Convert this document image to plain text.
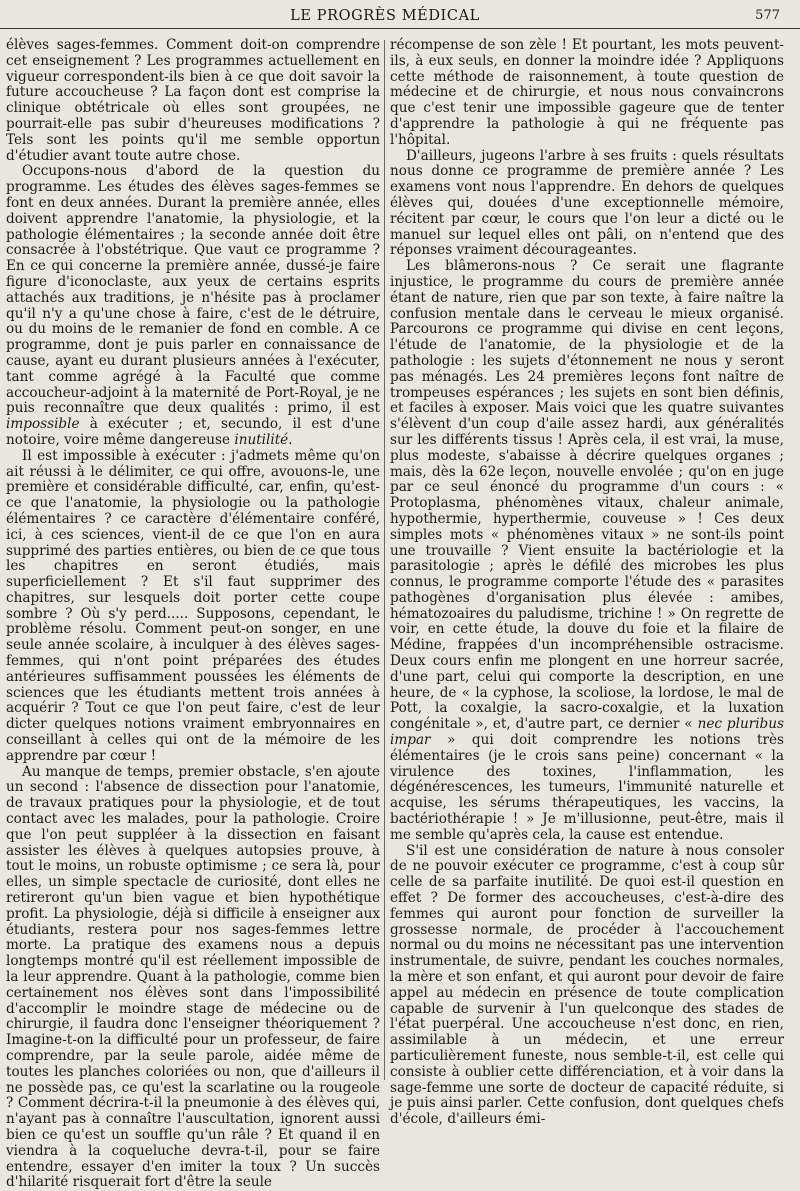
LE PROGRÈS MÉDICAL	577

élèves sages-femmes. Comment doit-on comprendre cet enseignement ? Les programmes actuellement en vigueur correspondent-ils bien à ce que doit savoir la future accoucheuse ? La façon dont est comprise la clinique obtétricale où elles sont groupées, ne pourrait-elle pas subir d'heureuses modifications ? Tels sont les points qu'il me semble opportun d'étudier avant toute autre chose.

Occupons-nous d'abord de la question du programme. Les études des élèves sages-femmes se font en deux années. Durant la première année, elles doivent apprendre l'anatomie, la physiologie, et la pathologie élémentaires ; la seconde année doit être consacrée à l'obstétrique. Que vaut ce programme ? En ce qui concerne la première année, dussé-je faire figure d'iconoclaste, aux yeux de certains esprits attachés aux traditions, je n'hésite pas à proclamer qu'il n'y a qu'une chose à faire, c'est de le détruire, ou du moins de le remanier de fond en comble. A ce programme, dont je puis parler en connaissance de cause, ayant eu durant plusieurs années à l'exécuter, tant comme agrégé à la Faculté que comme accoucheur-adjoint à la maternité de Port-Royal, je ne puis reconnaître que deux qualités : primo, il est impossible à exécuter ; et, secundo, il est d'une notoire, voire même dangereuse inutilité.

Il est impossible à exécuter : j'admets même qu'on ait réussi à le délimiter, ce qui offre, avouons-le, une première et considérable difficulté, car, enfin, qu'est-ce que l'anatomie, la physiologie ou la pathologie élémentaires ? ce caractère d'élémentaire conféré, ici, à ces sciences, vient-il de ce que l'on en aura supprimé des parties entières, ou bien de ce que tous les chapitres en seront étudiés, mais superficiellement ? Et s'il faut supprimer des chapitres, sur lesquels doit porter cette coupe sombre ? Où s'y perd..... Supposons, cependant, le problème résolu. Comment peut-on songer, en une seule année scolaire, à inculquer à des élèves sages-femmes, qui n'ont point préparées des études antérieures suffisamment poussées les éléments de sciences que les étudiants mettent trois années à acquérir ? Tout ce que l'on peut faire, c'est de leur dicter quelques notions vraiment embryonnaires en conseillant à celles qui ont de la mémoire de les apprendre par cœur !

Au manque de temps, premier obstacle, s'en ajoute un second : l'absence de dissection pour l'anatomie, de travaux pratiques pour la physiologie, et de tout contact avec les malades, pour la pathologie. Croire que l'on peut suppléer à la dissection en faisant assister les élèves à quelques autopsies prouve, à tout le moins, un robuste optimisme ; ce sera là, pour elles, un simple spectacle de curiosité, dont elles ne retireront qu'un bien vague et bien hypothétique profit. La physiologie, déjà si difficile à enseigner aux étudiants, restera pour nos sages-femmes lettre morte. La pratique des examens nous a depuis longtemps montré qu'il est réellement impossible de la leur apprendre. Quant à la pathologie, comme bien certainement nos élèves sont dans l'impossibilité d'accomplir le moindre stage de médecine ou de chirurgie, il faudra donc l'enseigner théoriquement ? Imagine-t-on la difficulté pour un professeur, de faire comprendre, par la seule parole, aidée même de toutes les planches coloriées ou non, que d'ailleurs il ne possède pas, ce qu'est la scarlatine ou la rougeole ? Comment décrira-t-il la pneumonie à des élèves qui, n'ayant pas à connaître l'auscultation, ignorent aussi bien ce qu'est un souffle qu'un râle ? Et quand il en viendra à la coqueluche devra-t-il, pour se faire entendre, essayer d'en imiter la toux ? Un succès d'hilarité risquerait fort d'être la seule

récompense de son zèle ! Et pourtant, les mots peuvent-ils, à eux seuls, en donner la moindre idée ? Appliquons cette méthode de raisonnement, à toute question de médecine et de chirurgie, et nous nous convaincrons que c'est tenir une impossible gageure que de tenter d'apprendre la pathologie à qui ne fréquente pas l'hôpital.

D'ailleurs, jugeons l'arbre à ses fruits : quels résultats nous donne ce programme de première année ? Les examens vont nous l'apprendre. En dehors de quelques élèves qui, douées d'une exceptionnelle mémoire, récitent par cœur, le cours que l'on leur a dicté ou le manuel sur lequel elles ont pâli, on n'entend que des réponses vraiment décourageantes.

Les blâmerons-nous ? Ce serait une flagrante injustice, le programme du cours de première année étant de nature, rien que par son texte, à faire naître la confusion mentale dans le cerveau le mieux organisé. Parcourons ce programme qui divise en cent leçons, l'étude de l'anatomie, de la physiologie et de la pathologie : les sujets d'étonnement ne nous y seront pas ménagés. Les 24 premières leçons font naître de trompeuses espérances ; les sujets en sont bien définis, et faciles à exposer. Mais voici que les quatre suivantes s'élèvent d'un coup d'aile assez hardi, aux généralités sur les différents tissus ! Après cela, il est vrai, la muse, plus modeste, s'abaisse à décrire quelques organes ; mais, dès la 62e leçon, nouvelle envolée ; qu'on en juge par ce seul énoncé du programme d'un cours : « Protoplasma, phénomènes vitaux, chaleur animale, hypothermie, hyperthermie, couveuse » ! Ces deux simples mots « phénomènes vitaux » ne sont-ils point une trouvaille ? Vient ensuite la bactériologie et la parasitologie ; après le défilé des microbes les plus connus, le programme comporte l'étude des « parasites pathogènes d'organisation plus élevée : amibes, hématozoaires du paludisme, trichine ! » On regrette de voir, en cette étude, la douve du foie et la filaire de Médine, frappées d'un incompréhensible ostracisme. Deux cours enfin me plongent en une horreur sacrée, d'une part, celui qui comporte la description, en une heure, de « la cyphose, la scoliose, la lordose, le mal de Pott, la coxalgie, la sacro-coxalgie, et la luxation congénitale », et, d'autre part, ce dernier « nec pluribus impar » qui doit comprendre les notions très élémentaires (je le crois sans peine) concernant « la virulence des toxines, l'inflammation, les dégénérescences, les tumeurs, l'immunité naturelle et acquise, les sérums thérapeutiques, les vaccins, la bactériothérapie ! » Je m'illusionne, peut-être, mais il me semble qu'après cela, la cause est entendue.

S'il est une considération de nature à nous consoler de ne pouvoir exécuter ce programme, c'est à coup sûr celle de sa parfaite inutilité. De quoi est-il question en effet ? De former des accoucheuses, c'est-à-dire des femmes qui auront pour fonction de surveiller la grossesse normale, de procéder à l'accouchement normal ou du moins ne nécessitant pas une intervention instrumentale, de suivre, pendant les couches normales, la mère et son enfant, et qui auront pour devoir de faire appel au médecin en présence de toute complication capable de survenir à l'un quelconque des stades de l'état puerpéral. Une accoucheuse n'est donc, en rien, assimilable à un médecin, et une erreur particulièrement funeste, nous semble-t-il, est celle qui consiste à oublier cette différenciation, et à voir dans la sage-femme une sorte de docteur de capacité réduite, si je puis ainsi parler. Cette confusion, dont quelques chefs d'école, d'ailleurs émi-
